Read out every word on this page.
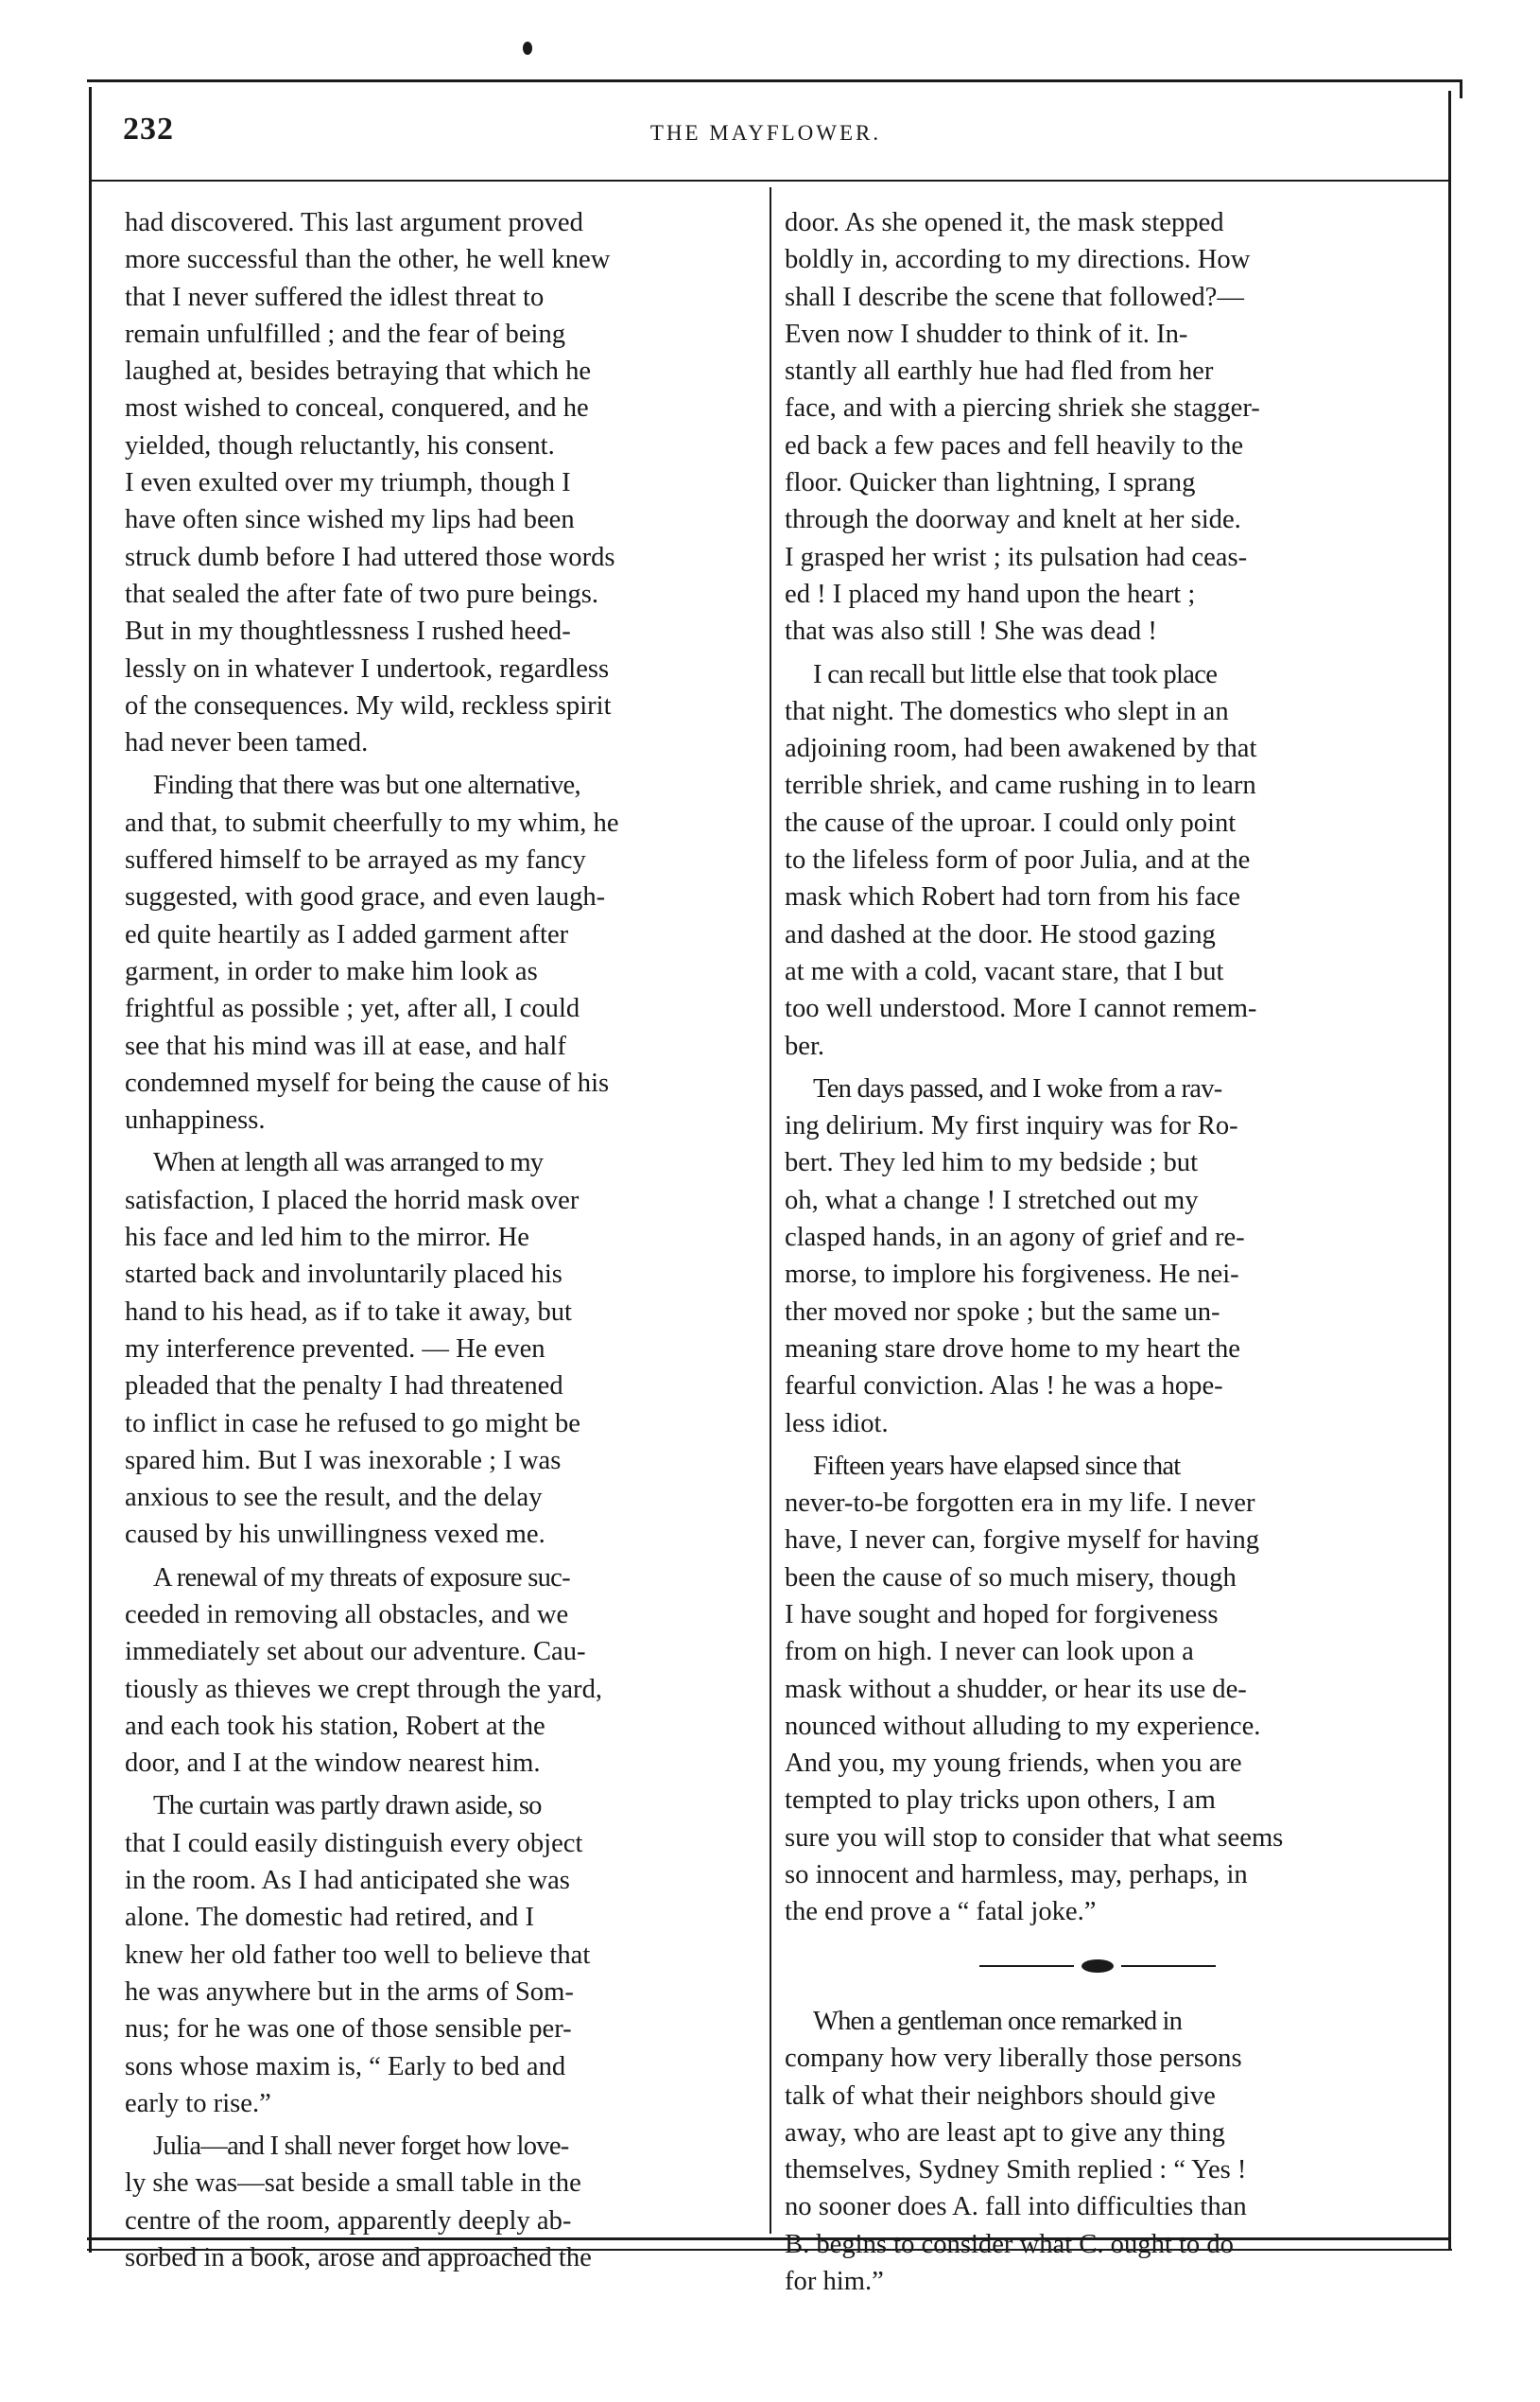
232	THE MAYFLOWER.
had discovered. This last argument proved
more successful than the other, he well knew
that I never suffered the idlest threat to
remain unfulfilled ; and the fear of being
laughed at, besides betraying that which he
most wished to conceal, conquered, and he
yielded, though reluctantly, his consent.
I even exulted over my triumph, though I
have often since wished my lips had been
struck dumb before I had uttered those words
that sealed the after fate of two pure beings.
But in my thoughtlessness I rushed heed-
lessly on in whatever I undertook, regardless
of the consequences. My wild, reckless spirit
had never been tamed.
Finding that there was but one alternative,
and that, to submit cheerfully to my whim, he
suffered himself to be arrayed as my fancy
suggested, with good grace, and even laugh-
ed quite heartily as I added garment after
garment, in order to make him look as
frightful as possible ; yet, after all, I could
see that his mind was ill at ease, and half
condemned myself for being the cause of his
unhappiness.
When at length all was arranged to my
satisfaction, I placed the horrid mask over
his face and led him to the mirror. He
started back and involuntarily placed his
hand to his head, as if to take it away, but
my interference prevented. — He even
pleaded that the penalty I had threatened
to inflict in case he refused to go might be
spared him. But I was inexorable ; I was
anxious to see the result, and the delay
caused by his unwillingness vexed me.
A renewal of my threats of exposure suc-
ceeded in removing all obstacles, and we
immediately set about our adventure. Cau-
tiously as thieves we crept through the yard,
and each took his station, Robert at the
door, and I at the window nearest him.
The curtain was partly drawn aside, so
that I could easily distinguish every object
in the room. As I had anticipated she was
alone. The domestic had retired, and I
knew her old father too well to believe that
he was anywhere but in the arms of Som-
nus; for he was one of those sensible per-
sons whose maxim is, “ Early to bed and
early to rise.”
Julia—and I shall never forget how love-
ly she was—sat beside a small table in the
centre of the room, apparently deeply ab-
sorbed in a book, arose and approached the
door. As she opened it, the mask stepped
boldly in, according to my directions. How
shall I describe the scene that followed?—
Even now I shudder to think of it. In-
stantly all earthly hue had fled from her
face, and with a piercing shriek she stagger-
ed back a few paces and fell heavily to the
floor. Quicker than lightning, I sprang
through the doorway and knelt at her side.
I grasped her wrist ; its pulsation had ceas-
ed ! I placed my hand upon the heart ;
that was also still ! She was dead !
I can recall but little else that took place
that night. The domestics who slept in an
adjoining room, had been awakened by that
terrible shriek, and came rushing in to learn
the cause of the uproar. I could only point
to the lifeless form of poor Julia, and at the
mask which Robert had torn from his face
and dashed at the door. He stood gazing
at me with a cold, vacant stare, that I but
too well understood. More I cannot remem-
ber.
Ten days passed, and I woke from a rav-
ing delirium. My first inquiry was for Ro-
bert. They led him to my bedside ; but
oh, what a change ! I stretched out my
clasped hands, in an agony of grief and re-
morse, to implore his forgiveness. He nei-
ther moved nor spoke ; but the same un-
meaning stare drove home to my heart the
fearful conviction. Alas ! he was a hope-
less idiot.
Fifteen years have elapsed since that
never-to-be forgotten era in my life. I never
have, I never can, forgive myself for having
been the cause of so much misery, though
I have sought and hoped for forgiveness
from on high. I never can look upon a
mask without a shudder, or hear its use de-
nounced without alluding to my experience.
And you, my young friends, when you are
tempted to play tricks upon others, I am
sure you will stop to consider that what seems
so innocent and harmless, may, perhaps, in
the end prove a “ fatal joke.”
When a gentleman once remarked in
company how very liberally those persons
talk of what their neighbors should give
away, who are least apt to give any thing
themselves, Sydney Smith replied : “ Yes !
no sooner does A. fall into difficulties than
B. begins to consider what C. ought to do
for him.”
